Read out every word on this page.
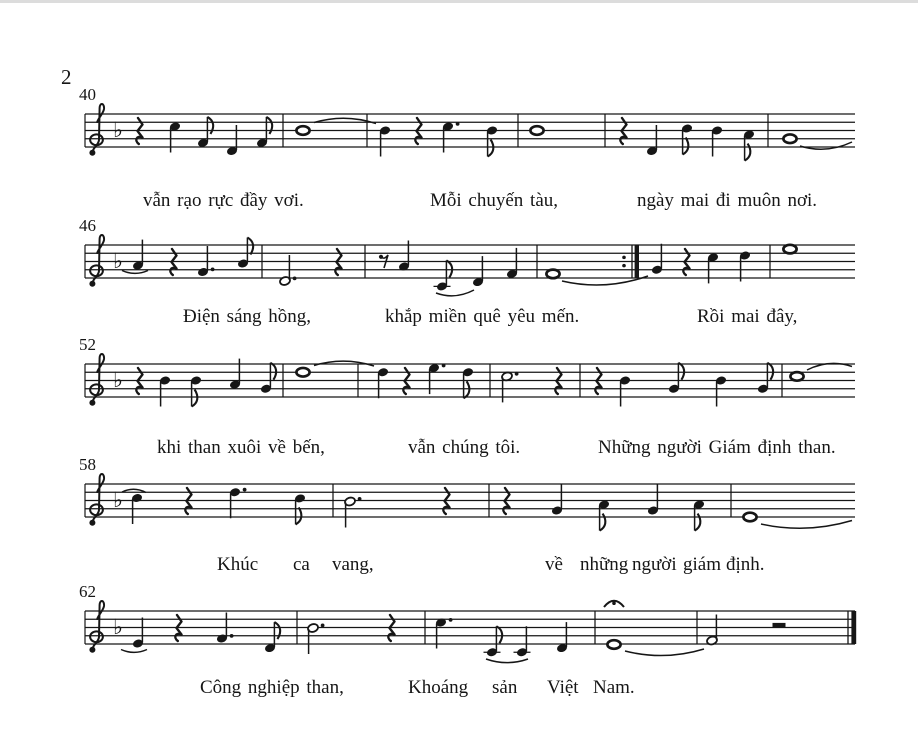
♭
♭
♭
♭
♭
2
40
46
52
58
62
vẫn rạo rực đầy vơi.	Mỗi chuyến tàu,	ngày mai đi muôn nơi.
Điện sáng hồng,	khắp miền quê yêu mến.	Rồi mai đây,
khi than xuôi về bến,	vẫn chúng tôi.	Những người Giám định than.
Khúc ca vang,	về những người giám định.
Công nghiệp than,	Khoáng sản Việt Nam.
